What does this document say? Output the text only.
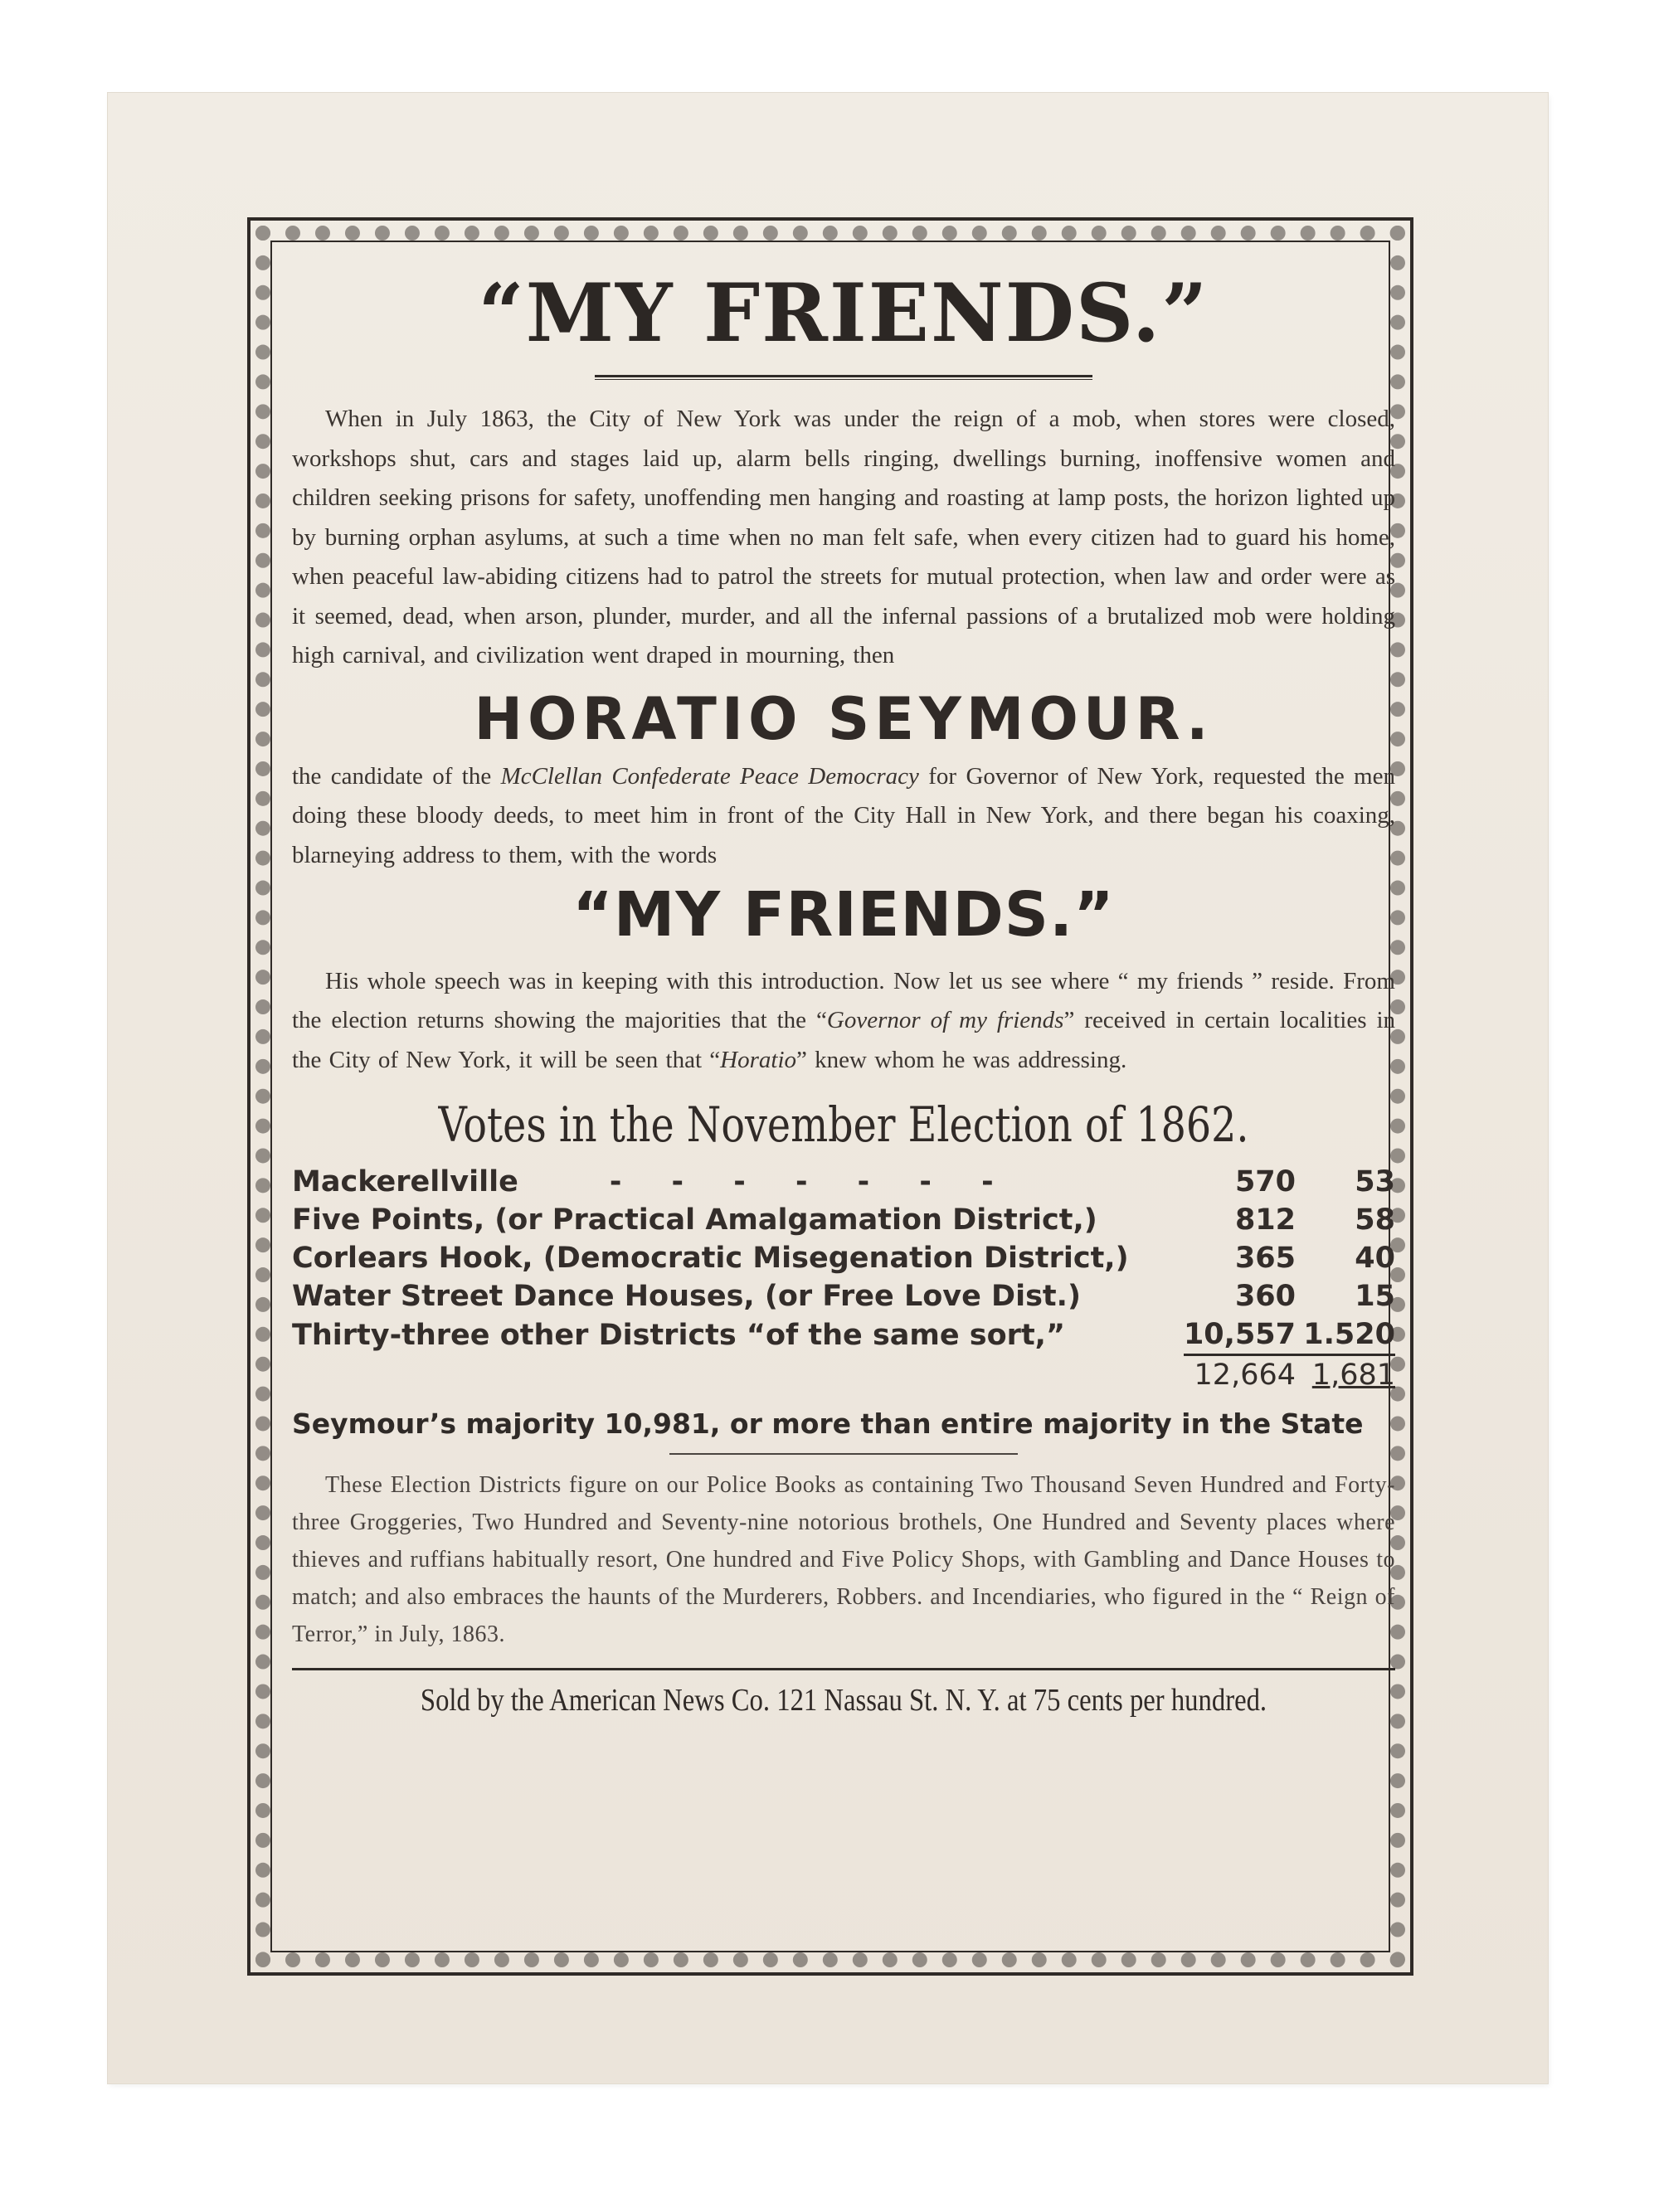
“MY FRIENDS.”

When in July 1863, the City of New York was under the reign of a mob, when stores were closed, workshops shut, cars and stages laid up, alarm bells ringing, dwellings burning, inoffensive women and children seeking prisons for safety, unoffending men hanging and roasting at lamp posts, the horizon lighted up by burning orphan asylums, at such a time when no man felt safe, when every citizen had to guard his home, when peaceful law-abiding citizens had to patrol the streets for mutual protection, when law and order were as it seemed, dead, when arson, plunder, murder, and all the infernal passions of a brutalized mob were holding high carnival, and civilization went draped in mourning, then

HORATIO SEYMOUR.

the candidate of the McClellan Confederate Peace Democracy for Governor of New York, requested the men doing these bloody deeds, to meet him in front of the City Hall in New York, and there began his coaxing, blarneying address to them, with the words

“MY FRIENDS.”

His whole speech was in keeping with this introduction. Now let us see where “ my friends ” reside. From the election returns showing the majorities that the “Governor of my friends” received in certain localities in the City of New York, it will be seen that “Horatio” knew whom he was addressing.

Votes in the November Election of 1862.
Mackerellville - - - - - - -	570	53
Five Points, (or Practical Amalgamation District,)	812	58
Corlears Hook, (Democratic Misegenation District,)	365	40
Water Street Dance Houses, (or Free Love Dist.)	360	15
Thirty-three other Districts “of the same sort,”	10,557	1.520
	12,664	1,681
Seymour’s majority 10,981, or more than entire majority in the State

These Election Districts figure on our Police Books as containing Two Thousand Seven Hundred and Forty-three Groggeries, Two Hundred and Seventy-nine notorious brothels, One Hundred and Seventy places where thieves and ruffians habitually resort, One hundred and Five Policy Shops, with Gambling and Dance Houses to match; and also embraces the haunts of the Murderers, Robbers. and Incendiaries, who figured in the “ Reign of Terror,” in July, 1863.

Sold by the American News Co. 121 Nassau St. N. Y. at 75 cents per hundred.
